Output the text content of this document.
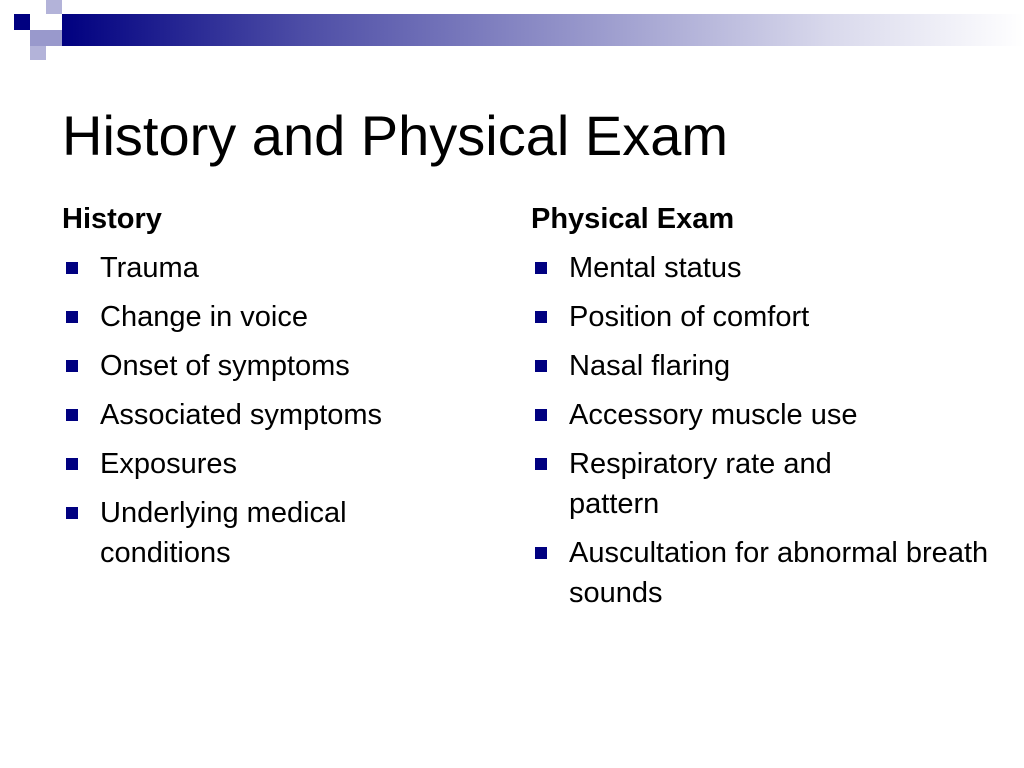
History and Physical Exam
History
Trauma
Change in voice
Onset of symptoms
Associated symptoms
Exposures
Underlying medical conditions
Physical Exam
Mental status
Position of comfort
Nasal flaring
Accessory muscle use
Respiratory rate and pattern
Auscultation for abnormal breath sounds
